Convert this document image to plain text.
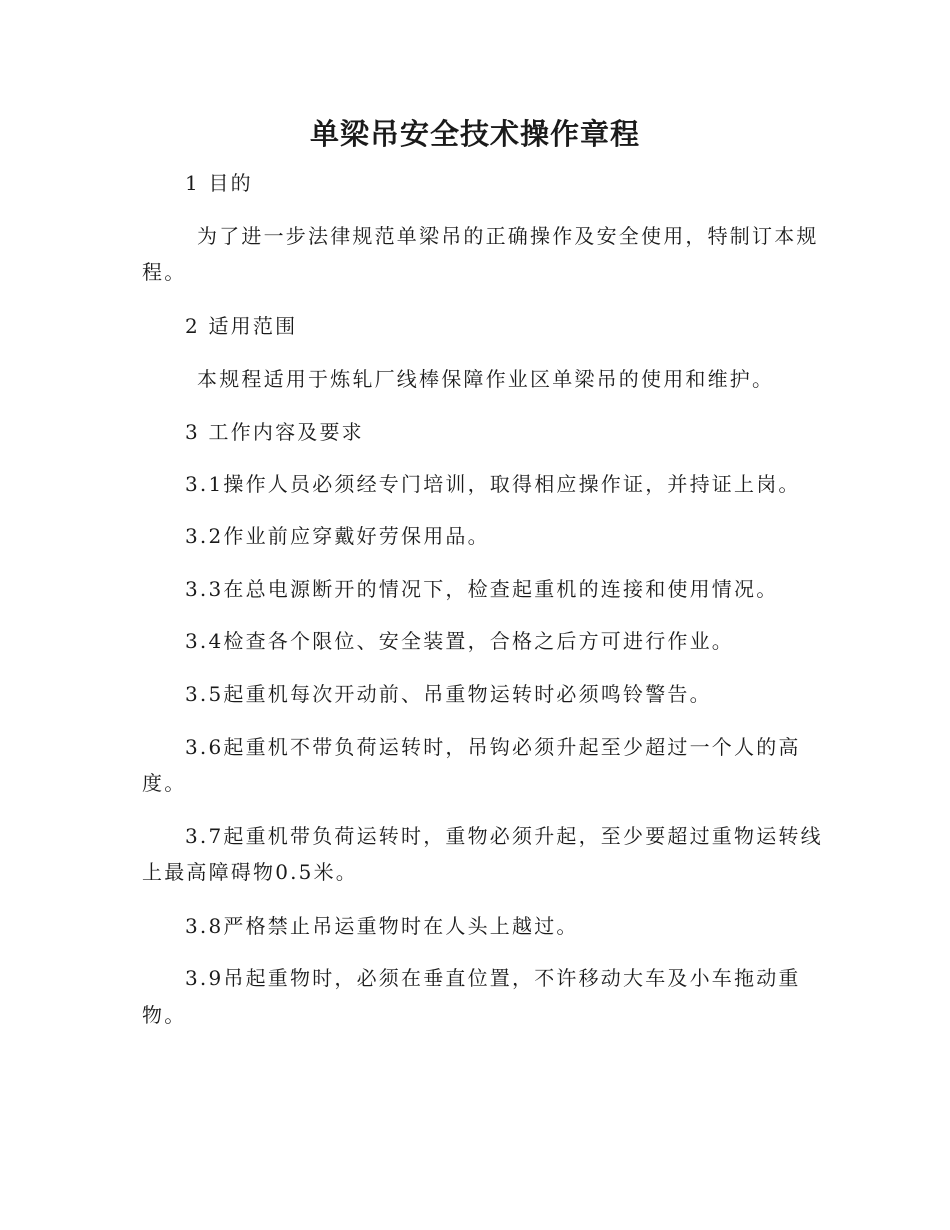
单梁吊安全技术操作章程
1 目的
为了进一步法律规范单梁吊的正确操作及安全使用，特制订本规
程。
2 适用范围
本规程适用于炼轧厂线棒保障作业区单梁吊的使用和维护。
3 工作内容及要求
3.1操作人员必须经专门培训，取得相应操作证，并持证上岗。
3.2作业前应穿戴好劳保用品。
3.3在总电源断开的情况下，检查起重机的连接和使用情况。
3.4检查各个限位、安全装置，合格之后方可进行作业。
3.5起重机每次开动前、吊重物运转时必须鸣铃警告。
3.6起重机不带负荷运转时，吊钩必须升起至少超过一个人的高
度。
3.7起重机带负荷运转时，重物必须升起，至少要超过重物运转线
上最高障碍物0.5米。
3.8严格禁止吊运重物时在人头上越过。
3.9吊起重物时，必须在垂直位置，不许移动大车及小车拖动重
物。
